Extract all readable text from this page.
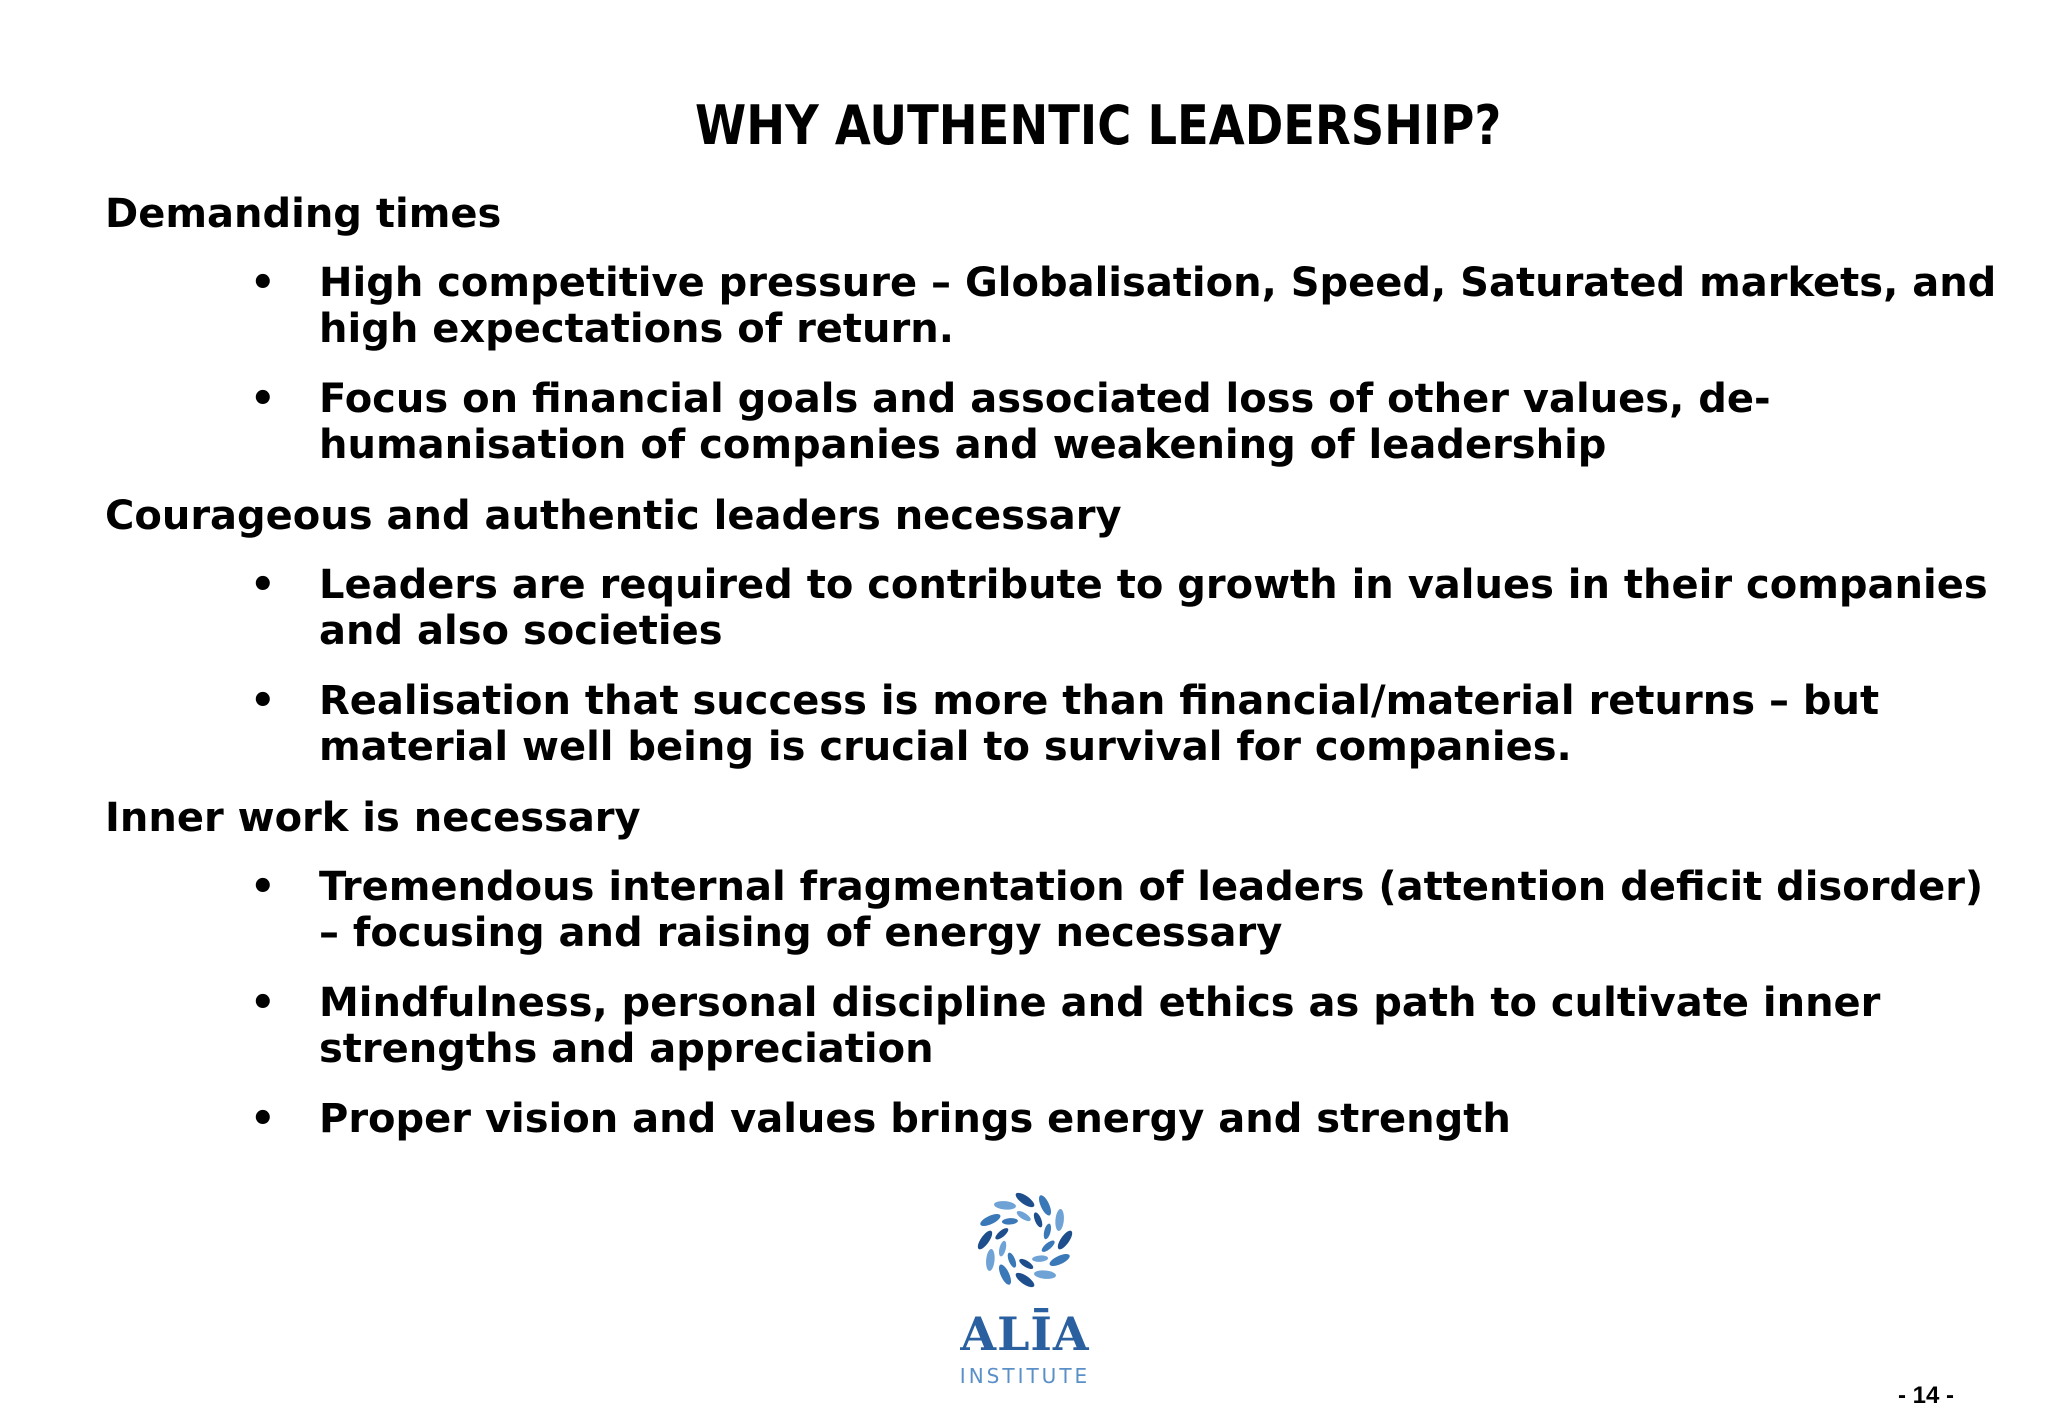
WHY AUTHENTIC LEADERSHIP?

Demanding times

• High competitive pressure – Globalisation, Speed, Saturated markets, and high expectations of return.
• Focus on financial goals and associated loss of other values, de-humanisation of companies and weakening of leadership

Courageous and authentic leaders necessary

• Leaders are required to contribute to growth in values in their companies and also societies
• Realisation that success is more than financial/material returns – but material well being is crucial to survival for companies.

Inner work is necessary

• Tremendous internal fragmentation of leaders (attention deficit disorder) – focusing and raising of energy necessary
• Mindfulness, personal discipline and ethics as path to cultivate inner strengths and appreciation
• Proper vision and values brings energy and strength
ALĪA
INSTITUTE
- 14 -
